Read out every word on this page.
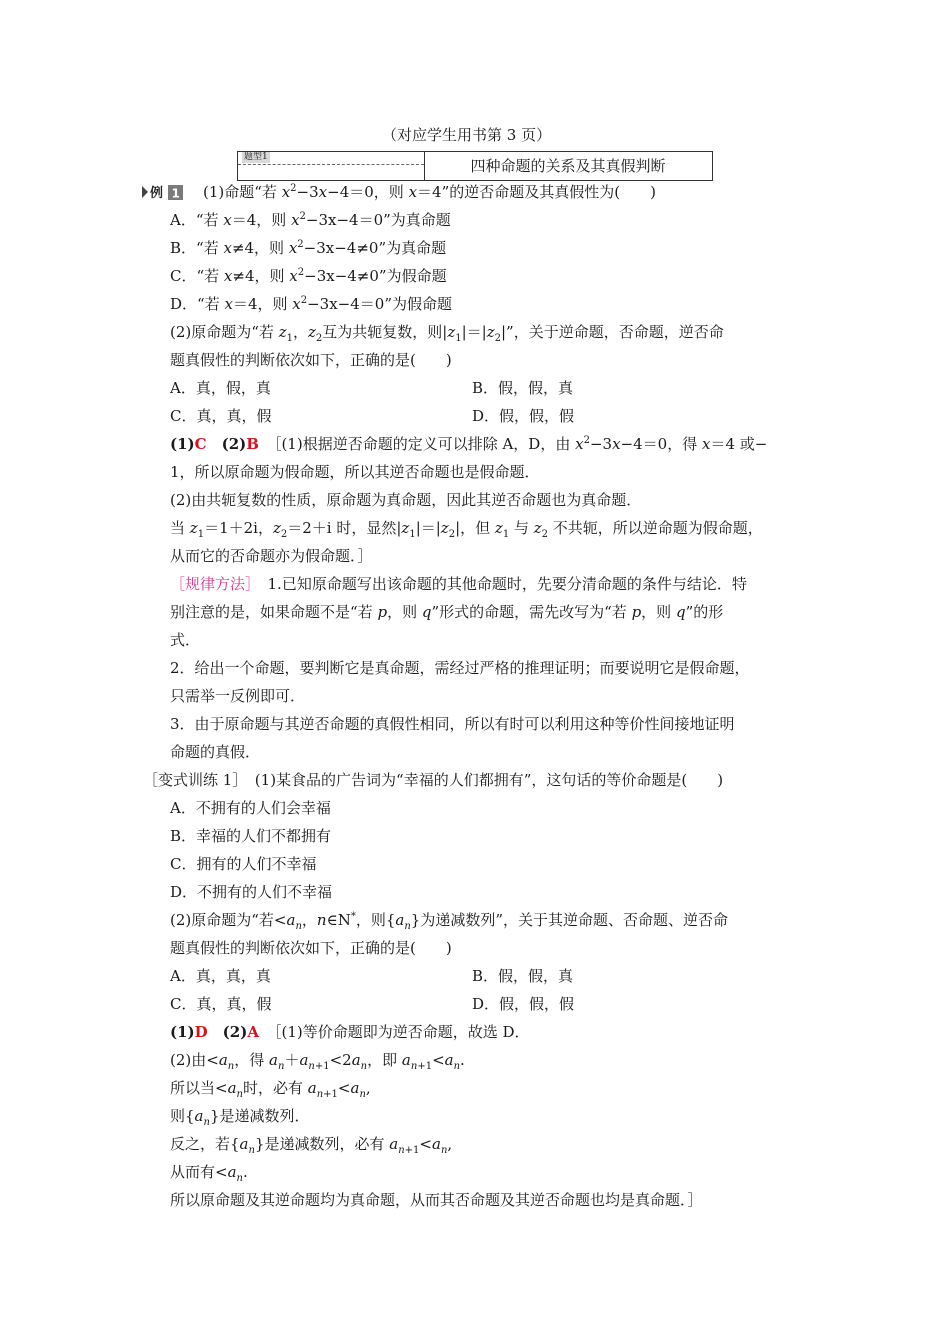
（对应学生用书第 3 页）
题型1	四种命题的关系及其真假判断
例 1 (1)命题“若 $x^2-3x-4=0$，则 x＝4”的逆否命题及其真假性为(　　)
A．“若 x＝4，则 $x^2-3x-4=0$”为真命题
B．“若 x≠4，则 $x^2-3x-4\ne 0$”为真命题
C．“若 x≠4，则 $x^2-3x-4\ne 0$”为假命题
D．“若 x＝4，则 $x^2-3x-4=0$”为假命题
(2)原命题为“若 $z_1$，$z_2$互为共轭复数，则$|z_1|=|z_2|$”，关于逆命题，否命题，逆否命
题真假性的判断依次如下，正确的是(　　)
A．真，假，真	B．假，假，真
C．真，真，假	D．假，假，假
(1)C　 (2)B　 ［(1)根据逆否命题的定义可以排除 A，D，由 $x^2-3x-4=0$，得 x＝4 或−
1，所以原命题为假命题，所以其逆否命题也是假命题．
(2)由共轭复数的性质，原命题为真命题，因此其逆否命题也为真命题．
当 $z_1=1+2i$，$z_2=2+i$ 时，显然$|z_1|=|z_2|$，但 $z_1$ 与 $z_2$ 不共轭，所以逆命题为假命题，
从而它的否命题亦为假命题．］
［规律方法］　1.已知原命题写出该命题的其他命题时，先要分清命题的条件与结论．特
别注意的是，如果命题不是“若 p，则 q”形式的命题，需先改写为“若 p，则 q”的形
式．
2．给出一个命题，要判断它是真命题，需经过严格的推理证明；而要说明它是假命题，
只需举一反例即可．
3．由于原命题与其逆否命题的真假性相同，所以有时可以利用这种等价性间接地证明
命题的真假．
［变式训练 1］　(1)某食品的广告词为“幸福的人们都拥有”，这句话的等价命题是(　　)
A．不拥有的人们会幸福
B．幸福的人们不都拥有
C．拥有的人们不幸福
D．不拥有的人们不幸福
(2)原命题为“若$<a_n$，n∈N*，则$\{a_n\}$为递减数列”，关于其逆命题、否命题、逆否命
题真假性的判断依次如下，正确的是(　　)
A．真，真，真	B．假，假，真
C．真，真，假	D．假，假，假
(1)D　 (2)A　 ［(1)等价命题即为逆否命题，故选 D．
(2)由$<a_n$，得 $a_n+a_{n+1}<2a_n$，即 $a_{n+1}<a_n$.
所以当$<a_n$时，必有 $a_{n+1}<a_n$,
则$\{a_n\}$是递减数列．
反之，若$\{a_n\}$是递减数列，必有 $a_{n+1}<a_n$,
从而有$<a_n$.
所以原命题及其逆命题均为真命题，从而其否命题及其逆否命题也均是真命题．］
